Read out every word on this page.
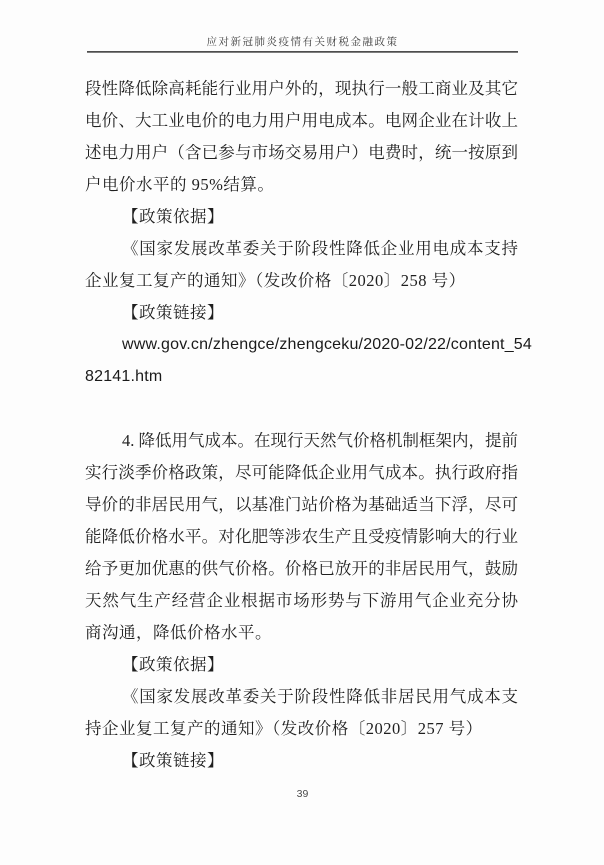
应对新冠肺炎疫情有关财税金融政策
段性降低除高耗能行业用户外的，现执行一般工商业及其它
电价、大工业电价的电力用户用电成本。电网企业在计收上
述电力用户（含已参与市场交易用户）电费时，统一按原到
户电价水平的 95%结算。
【政策依据】
《国家发展改革委关于阶段性降低企业用电成本支持
企业复工复产的通知》（发改价格〔2020〕258 号）
【政策链接】
www.gov.cn/zhengce/zhengceku/2020-02/22/content_54
82141.htm

4. 降低用气成本。在现行天然气价格机制框架内，提前
实行淡季价格政策，尽可能降低企业用气成本。执行政府指
导价的非居民用气，以基准门站价格为基础适当下浮，尽可
能降低价格水平。对化肥等涉农生产且受疫情影响大的行业
给予更加优惠的供气价格。价格已放开的非居民用气，鼓励
天然气生产经营企业根据市场形势与下游用气企业充分协
商沟通，降低价格水平。
【政策依据】
《国家发展改革委关于阶段性降低非居民用气成本支
持企业复工复产的通知》（发改价格〔2020〕257 号）
【政策链接】
39
